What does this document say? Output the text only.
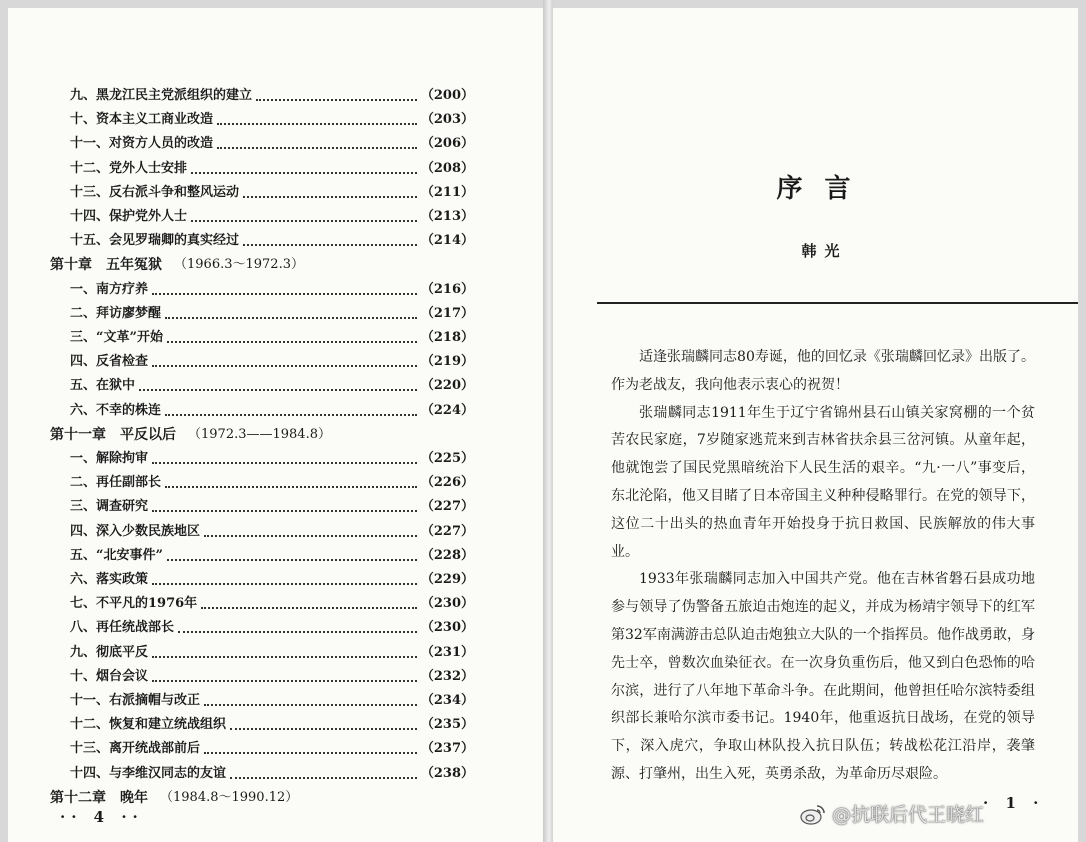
九、黑龙江民主党派组织的建立	（200）
十、资本主义工商业改造	（203）
十一、对资方人员的改造	（206）
十二、党外人士安排	（208）
十三、反右派斗争和整风运动	（211）
十四、保护党外人士	（213）
十五、会见罗瑞卿的真实经过	（214）
第十章　五年冤狱 （1966.3～1972.3）
一、南方疗养	（216）
二、拜访廖梦醒	（217）
三、“文革”开始	（218）
四、反省检查	（219）
五、在狱中	（220）
六、不幸的株连	（224）
第十一章　平反以后 （1972.3——1984.8）
一、解除拘审	（225）
二、再任副部长	（226）
三、调查研究	（227）
四、深入少数民族地区	（227）
五、“北安事件”	（228）
六、落实政策	（229）
七、不平凡的1976年	（230）
八、再任统战部长	（230）
九、彻底平反	（231）
十、烟台会议	（232）
十一、右派摘帽与改正	（234）
十二、恢复和建立统战组织	（235）
十三、离开统战部前后	（237）
十四、与李维汉同志的友谊	（238）
第十二章　晚年 （1984.8～1990.12）
·· 4 ··
序言
韩光

适逢张瑞麟同志80寿诞，他的回忆录《张瑞麟回忆录》出版了。作为老战友，我向他表示衷心的祝贺！

张瑞麟同志1911年生于辽宁省锦州县石山镇关家窝棚的一个贫苦农民家庭，7岁随家逃荒来到吉林省扶余县三岔河镇。从童年起，他就饱尝了国民党黑暗统治下人民生活的艰辛。“九·一八”事变后，东北沦陷，他又目睹了日本帝国主义种种侵略罪行。在党的领导下，这位二十出头的热血青年开始投身于抗日救国、民族解放的伟大事业。

1933年张瑞麟同志加入中国共产党。他在吉林省磐石县成功地参与领导了伪警备五旅迫击炮连的起义，并成为杨靖宇领导下的红军第32军南满游击总队迫击炮独立大队的一个指挥员。他作战勇敢，身先士卒，曾数次血染征衣。在一次身负重伤后，他又到白色恐怖的哈尔滨，进行了八年地下革命斗争。在此期间，他曾担任哈尔滨特委组织部长兼哈尔滨市委书记。1940年，他重返抗日战场，在党的领导下，深入虎穴，争取山林队投入抗日队伍；转战松花江沿岸，袭肇源、打肇州，出生入死，英勇杀敌，为革命历尽艰险。

· 1 ·
@抗联后代王晓红
